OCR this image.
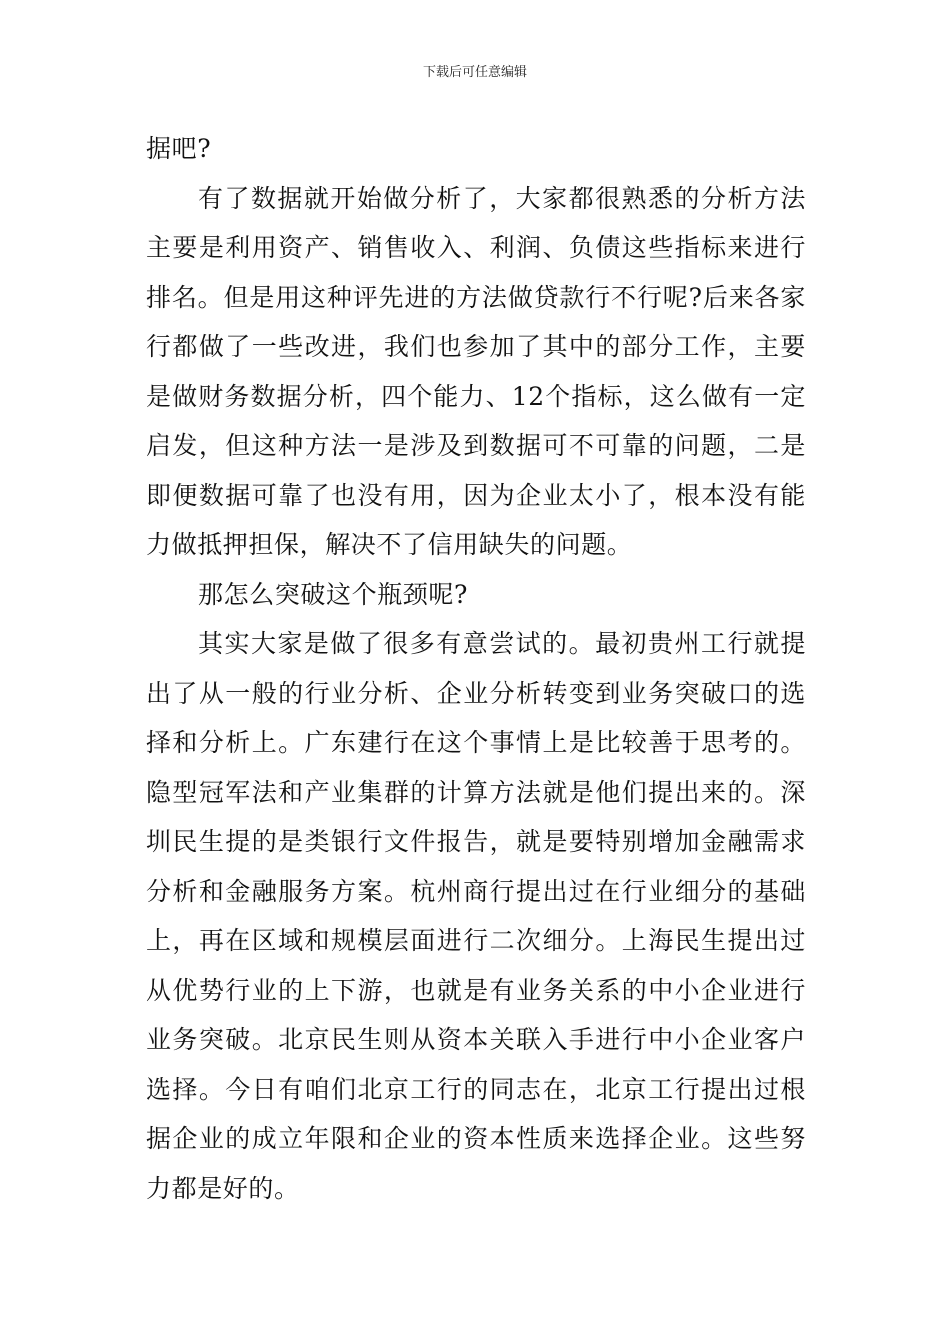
下载后可任意编辑

据吧?

有了数据就开始做分析了，大家都很熟悉的分析方法主要是利用资产、销售收入、利润、负债这些指标来进行排名。但是用这种评先进的方法做贷款行不行呢?后来各家行都做了一些改进，我们也参加了其中的部分工作，主要是做财务数据分析，四个能力、12个指标，这么做有一定启发，但这种方法一是涉及到数据可不可靠的问题，二是即便数据可靠了也没有用，因为企业太小了，根本没有能力做抵押担保，解决不了信用缺失的问题。

那怎么突破这个瓶颈呢?

其实大家是做了很多有意尝试的。最初贵州工行就提出了从一般的行业分析、企业分析转变到业务突破口的选择和分析上。广东建行在这个事情上是比较善于思考的。隐型冠军法和产业集群的计算方法就是他们提出来的。深圳民生提的是类银行文件报告，就是要特别增加金融需求分析和金融服务方案。杭州商行提出过在行业细分的基础上，再在区域和规模层面进行二次细分。上海民生提出过从优势行业的上下游，也就是有业务关系的中小企业进行业务突破。北京民生则从资本关联入手进行中小企业客户选择。今日有咱们北京工行的同志在，北京工行提出过根据企业的成立年限和企业的资本性质来选择企业。这些努力都是好的。
